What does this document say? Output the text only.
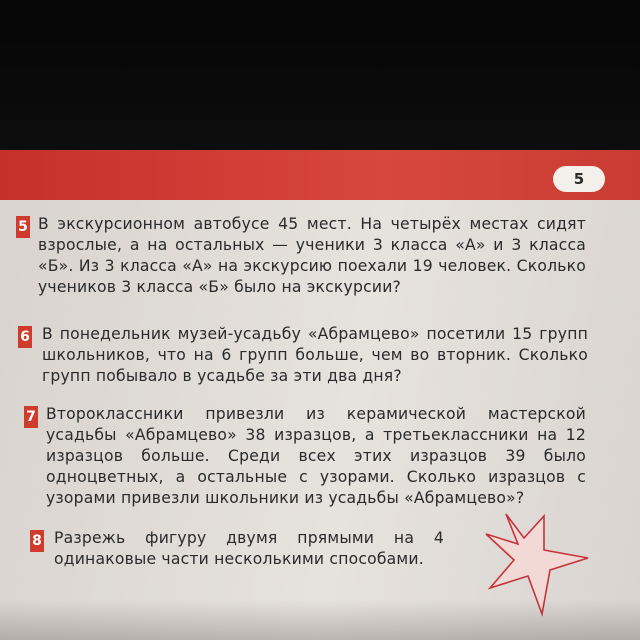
5
5 В экскурсионном автобусе 45 мест. На четырёх местах сидят взрослые, а на остальных — ученики 3 класса «А» и 3 класса «Б». Из 3 класса «А» на экскурсию поехали 19 человек. Сколько учеников 3 класса «Б» было на экскурсии?
6 В понедельник музей-усадьбу «Абрамцево» посетили 15 групп школьников, что на 6 групп больше, чем во вторник. Сколько групп побывало в усадьбе за эти два дня?
7 Второклассники привезли из керамической мастерской усадьбы «Абрамцево» 38 изразцов, а третьеклассники на 12 изразцов больше. Среди всех этих изразцов 39 было одноцветных, а остальные с узорами. Сколько изразцов с узорами привезли школьники из усадьбы «Абрамцево»?
8 Разрежь фигуру двумя прямыми на 4 одинаковые части несколькими способами.
